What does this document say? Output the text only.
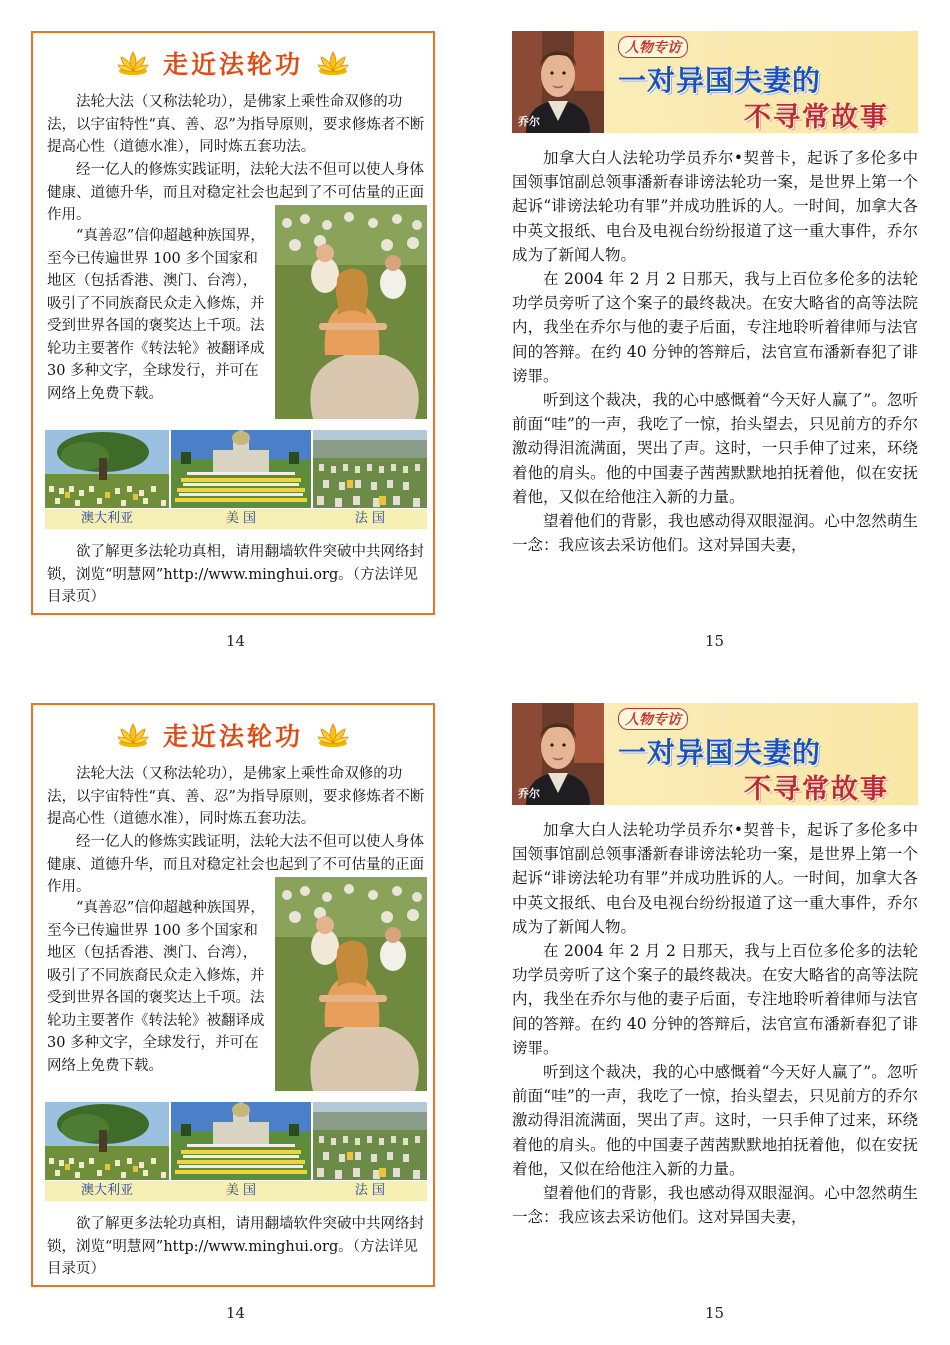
走近法轮功

法轮大法（又称法轮功），是佛家上乘性命双修的功法，以宇宙特性“真、善、忍”为指导原则，要求修炼者不断提高心性（道德水准），同时炼五套功法。

经一亿人的修炼实践证明，法轮大法不但可以使人身体健康、道德升华，而且对稳定社会也起到了不可估量的正面作用。

“真善忍”信仰超越种族国界，至今已传遍世界 100 多个国家和地区（包括香港、澳门、台湾），吸引了不同族裔民众走入修炼，并受到世界各国的褒奖达上千项。法轮功主要著作《转法轮》被翻译成 30 多种文字，全球发行，并可在网络上免费下载。

澳大利亚	美 国	法 国

欲了解更多法轮功真相，请用翻墙软件突破中共网络封锁，浏览“明慧网”http://www.minghui.org。（方法详见目录页）

14
乔尔
人物专访
一对异国夫妻的
不寻常故事

加拿大白人法轮功学员乔尔•契普卡，起诉了多伦多中国领事馆副总领事潘新春诽谤法轮功一案，是世界上第一个起诉“诽谤法轮功有罪”并成功胜诉的人。一时间，加拿大各中英文报纸、电台及电视台纷纷报道了这一重大事件，乔尔成为了新闻人物。

在 2004 年 2 月 2 日那天，我与上百位多伦多的法轮功学员旁听了这个案子的最终裁决。在安大略省的高等法院内，我坐在乔尔与他的妻子后面，专注地聆听着律师与法官间的答辩。在约 40 分钟的答辩后，法官宣布潘新春犯了诽谤罪。

听到这个裁决，我的心中感慨着“今天好人赢了”。忽听前面“哇”的一声，我吃了一惊，抬头望去，只见前方的乔尔激动得泪流满面，哭出了声。这时，一只手伸了过来，环绕着他的肩头。他的中国妻子茜茜默默地拍抚着他，似在安抚着他，又似在给他注入新的力量。

望着他们的背影，我也感动得双眼湿润。心中忽然萌生一念：我应该去采访他们。这对异国夫妻，

15
走近法轮功

法轮大法（又称法轮功），是佛家上乘性命双修的功法，以宇宙特性“真、善、忍”为指导原则，要求修炼者不断提高心性（道德水准），同时炼五套功法。

经一亿人的修炼实践证明，法轮大法不但可以使人身体健康、道德升华，而且对稳定社会也起到了不可估量的正面作用。

“真善忍”信仰超越种族国界，至今已传遍世界 100 多个国家和地区（包括香港、澳门、台湾），吸引了不同族裔民众走入修炼，并受到世界各国的褒奖达上千项。法轮功主要著作《转法轮》被翻译成 30 多种文字，全球发行，并可在网络上免费下载。

澳大利亚	美 国	法 国

欲了解更多法轮功真相，请用翻墙软件突破中共网络封锁，浏览“明慧网”http://www.minghui.org。（方法详见目录页）

14
乔尔
人物专访
一对异国夫妻的
不寻常故事

加拿大白人法轮功学员乔尔•契普卡，起诉了多伦多中国领事馆副总领事潘新春诽谤法轮功一案，是世界上第一个起诉“诽谤法轮功有罪”并成功胜诉的人。一时间，加拿大各中英文报纸、电台及电视台纷纷报道了这一重大事件，乔尔成为了新闻人物。

在 2004 年 2 月 2 日那天，我与上百位多伦多的法轮功学员旁听了这个案子的最终裁决。在安大略省的高等法院内，我坐在乔尔与他的妻子后面，专注地聆听着律师与法官间的答辩。在约 40 分钟的答辩后，法官宣布潘新春犯了诽谤罪。

听到这个裁决，我的心中感慨着“今天好人赢了”。忽听前面“哇”的一声，我吃了一惊，抬头望去，只见前方的乔尔激动得泪流满面，哭出了声。这时，一只手伸了过来，环绕着他的肩头。他的中国妻子茜茜默默地拍抚着他，似在安抚着他，又似在给他注入新的力量。

望着他们的背影，我也感动得双眼湿润。心中忽然萌生一念：我应该去采访他们。这对异国夫妻，

15
